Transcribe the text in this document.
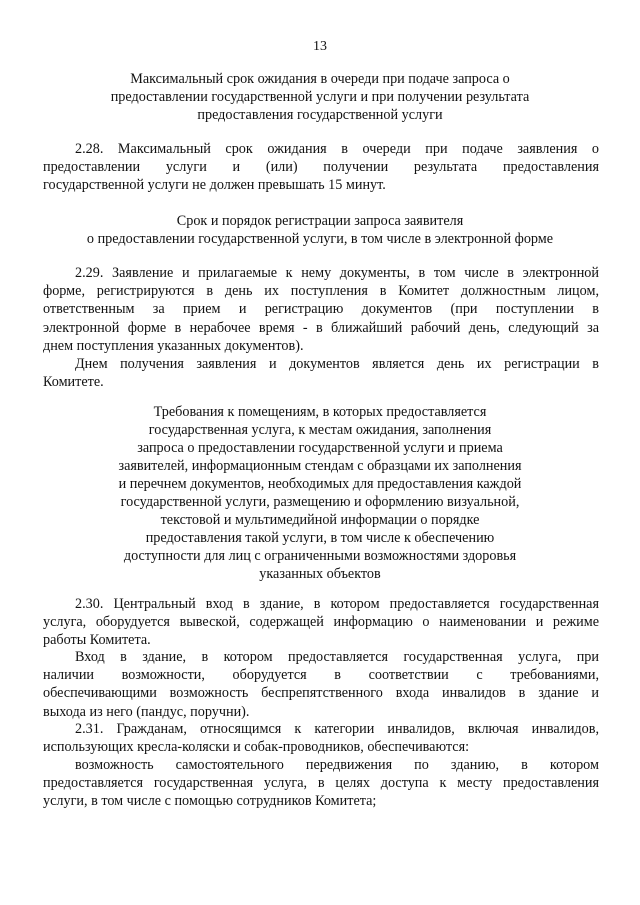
13
Максимальный срок ожидания в очереди при подаче запроса о
предоставлении государственной услуги и при получении результата
предоставления государственной услуги
2.28. Максимальный срок ожидания в очереди при подаче заявления о
предоставлении услуги и (или) получении результата предоставления
государственной услуги не должен превышать 15 минут.
Срок и порядок регистрации запроса заявителя
о предоставлении государственной услуги, в том числе в электронной форме
2.29. Заявление и прилагаемые к нему документы, в том числе в электронной
форме, регистрируются в день их поступления в Комитет должностным лицом,
ответственным за прием и регистрацию документов (при поступлении в
электронной форме в нерабочее время - в ближайший рабочий день, следующий за
днем поступления указанных документов).
Днем получения заявления и документов является день их регистрации в
Комитете.
Требования к помещениям, в которых предоставляется
государственная услуга, к местам ожидания, заполнения
запроса о предоставлении государственной услуги и приема
заявителей, информационным стендам с образцами их заполнения
и перечнем документов, необходимых для предоставления каждой
государственной услуги, размещению и оформлению визуальной,
текстовой и мультимедийной информации о порядке
предоставления такой услуги, в том числе к обеспечению
доступности для лиц с ограниченными возможностями здоровья
указанных объектов
2.30. Центральный вход в здание, в котором предоставляется государственная
услуга, оборудуется вывеской, содержащей информацию о наименовании и режиме
работы Комитета.
Вход в здание, в котором предоставляется государственная услуга, при
наличии возможности, оборудуется в соответствии с требованиями,
обеспечивающими возможность беспрепятственного входа инвалидов в здание и
выхода из него (пандус, поручни).
2.31. Гражданам, относящимся к категории инвалидов, включая инвалидов,
использующих кресла-коляски и собак-проводников, обеспечиваются:
возможность самостоятельного передвижения по зданию, в котором
предоставляется государственная услуга, в целях доступа к месту предоставления
услуги, в том числе с помощью сотрудников Комитета;
